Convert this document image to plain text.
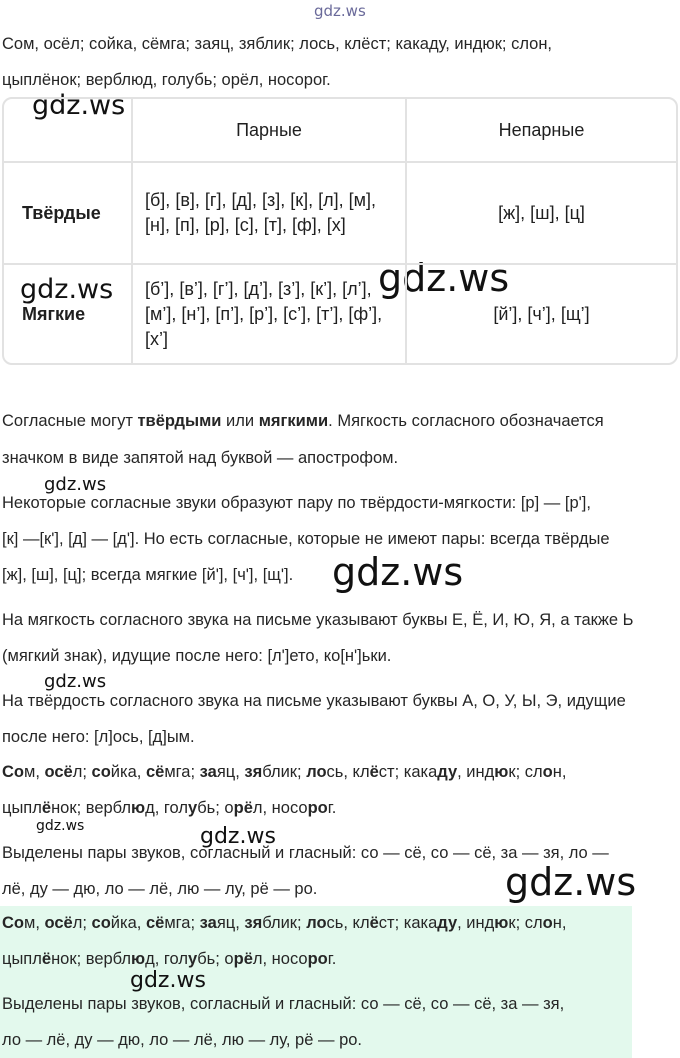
gdz.ws
gdz.ws
gdz.ws
gdz.ws
gdz.ws
gdz.ws
gdz.ws
gdz.ws	gdz.ws
gdz.ws
gdz.ws
Сом, осёл; сойка, сёмга; заяц, зяблик; лось, клёст; какаду, индюк; слон,
цыплёнок; верблюд, голубь; орёл, носорог.
	Парные	Непарные
Твёрдые	[б], [в], [г], [д], [з], [к], [л], [м], [н], [п], [р], [с], [т], [ф], [х]	[ж], [ш], [ц]
Мягкие	[б’], [в’], [г’], [д’], [з’], [к’], [л’], [м’], [н’], [п’], [р’], [с’], [т’], [ф’], [х’]	[й’], [ч’], [щ’]
Согласные могут твёрдыми или мягкими. Мягкость согласного обозначается
значком в виде запятой над буквой — апострофом.
Некоторые согласные звуки образуют пару по твёрдости-мягкости: [р] — [р'],
[к] —[к'], [д] — [д']. Но есть согласные, которые не имеют пары: всегда твёрдые
[ж], [ш], [ц]; всегда мягкие [й'], [ч'], [щ'].
На мягкость согласного звука на письме указывают буквы Е, Ё, И, Ю, Я, а также Ь
(мягкий знак), идущие после него: [л']ето, ко[н']ьки.
На твёрдость согласного звука на письме указывают буквы А, О, У, Ы, Э, идущие
после него: [л]ось, [д]ым.
Сом, осёл; сойка, сёмга; заяц, зяблик; лось, клёст; какаду, индюк; слон,
цыплёнок; верблюд, голубь; орёл, носорог.
Выделены пары звуков, согласный и гласный: со — сё, со — сё, за — зя, ло —
лё, ду — дю, ло — лё, лю — лу, рё — ро.
Сом, осёл; сойка, сёмга; заяц, зяблик; лось, клёст; какаду, индюк; слон,
цыплёнок; верблюд, голубь; орёл, носорог.
Выделены пары звуков, согласный и гласный: со — сё, со — сё, за — зя,
ло — лё, ду — дю, ло — лё, лю — лу, рё — ро.
